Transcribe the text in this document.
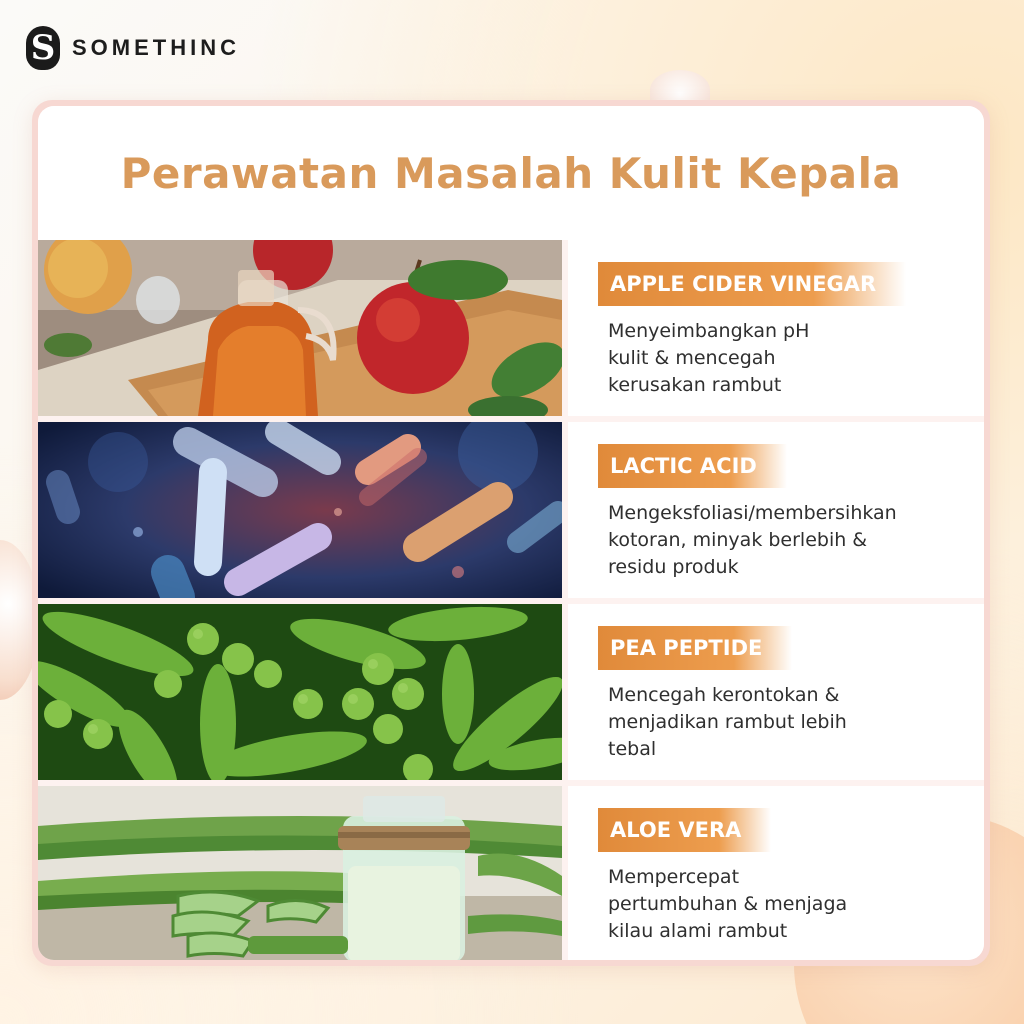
S SOMETHINC
Perawatan Masalah Kulit Kepala
APPLE CIDER VINEGAR
Menyeimbangkan pH
kulit & mencegah
kerusakan rambut
LACTIC ACID
Mengeksfoliasi/membersihkan
kotoran, minyak berlebih &
residu produk
PEA PEPTIDE
Mencegah kerontokan &
menjadikan rambut lebih
tebal
ALOE VERA
Mempercepat
pertumbuhan & menjaga
kilau alami rambut
